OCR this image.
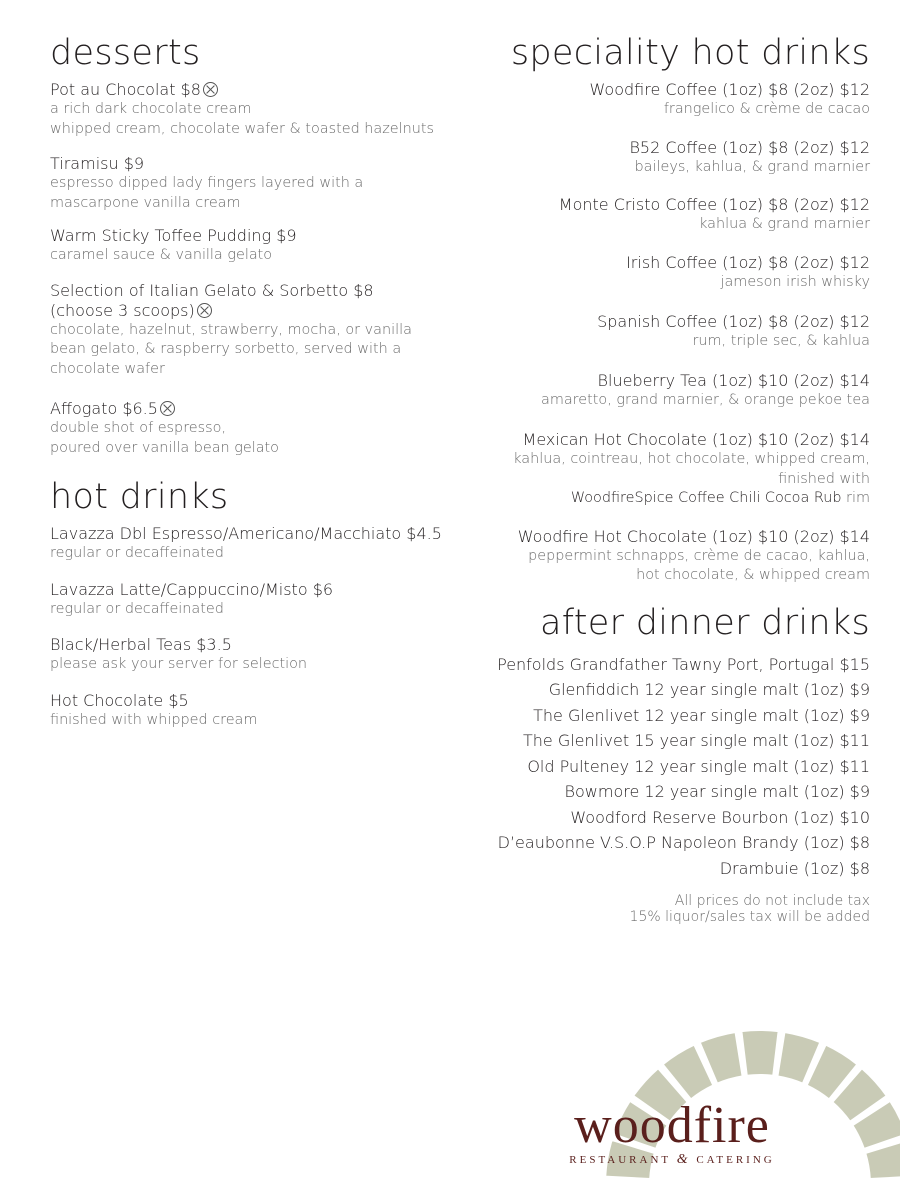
desserts
Pot au Chocolat $8
a rich dark chocolate cream
whipped cream, chocolate wafer & toasted hazelnuts
Tiramisu $9
espresso dipped lady fingers layered with a
mascarpone vanilla cream
Warm Sticky Toffee Pudding $9
caramel sauce & vanilla gelato
Selection of Italian Gelato & Sorbetto $8
(choose 3 scoops)
chocolate, hazelnut, strawberry, mocha, or vanilla
bean gelato, & raspberry sorbetto, served with a
chocolate wafer
Affogato $6.5
double shot of espresso,
poured over vanilla bean gelato
hot drinks
Lavazza Dbl Espresso/Americano/Macchiato $4.5
regular or decaffeinated
Lavazza Latte/Cappuccino/Misto $6
regular or decaffeinated
Black/Herbal Teas $3.5
please ask your server for selection
Hot Chocolate $5
finished with whipped cream
speciality hot drinks
Woodfire Coffee (1oz) $8 (2oz) $12
frangelico & crème de cacao
B52 Coffee (1oz) $8 (2oz) $12
baileys, kahlua, & grand marnier
Monte Cristo Coffee (1oz) $8 (2oz) $12
kahlua & grand marnier
Irish Coffee (1oz) $8 (2oz) $12
jameson irish whisky
Spanish Coffee (1oz) $8 (2oz) $12
rum, triple sec, & kahlua
Blueberry Tea (1oz) $10 (2oz) $14
amaretto, grand marnier, & orange pekoe tea
Mexican Hot Chocolate (1oz) $10 (2oz) $14
kahlua, cointreau, hot chocolate, whipped cream,
finished with
WoodfireSpice Coffee Chili Cocoa Rub rim
Woodfire Hot Chocolate (1oz) $10 (2oz) $14
peppermint schnapps, crème de cacao, kahlua,
hot chocolate, & whipped cream
after dinner drinks
Penfolds Grandfather Tawny Port, Portugal $15
Glenfiddich 12 year single malt (1oz) $9
The Glenlivet 12 year single malt (1oz) $9
The Glenlivet 15 year single malt (1oz) $11
Old Pulteney 12 year single malt (1oz) $11
Bowmore 12 year single malt (1oz) $9
Woodford Reserve Bourbon (1oz) $10
D’eaubonne V.S.O.P Napoleon Brandy (1oz) $8
Drambuie (1oz) $8
All prices do not include tax
15% liquor/sales tax will be added
woodfire
RESTAURANT & CATERING
